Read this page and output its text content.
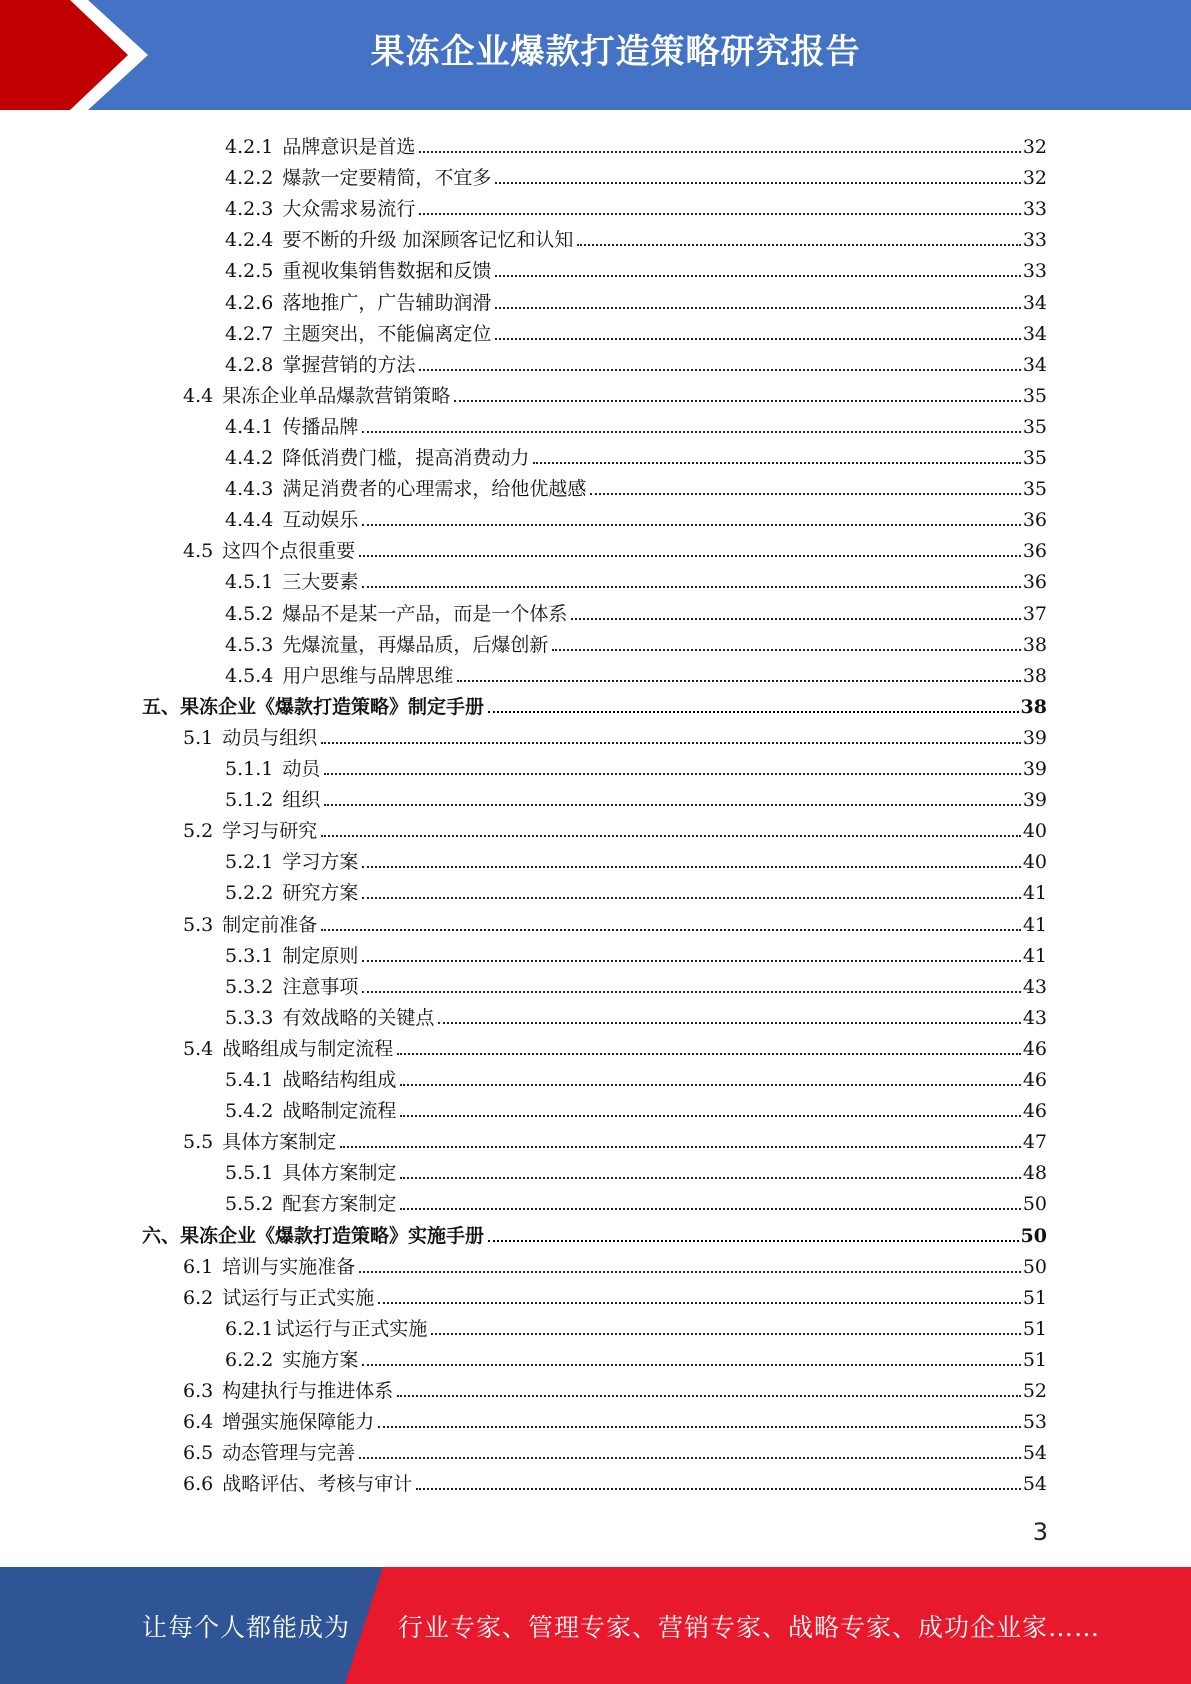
果冻企业爆款打造策略研究报告
4.2.1 品牌意识是首选	32
4.2.2 爆款一定要精简，不宜多	32
4.2.3 大众需求易流行	33
4.2.4 要不断的升级 加深顾客记忆和认知	33
4.2.5 重视收集销售数据和反馈	33
4.2.6 落地推广，广告辅助润滑	34
4.2.7 主题突出，不能偏离定位	34
4.2.8 掌握营销的方法	34
4.4 果冻企业单品爆款营销策略	35
4.4.1 传播品牌	35
4.4.2 降低消费门槛，提高消费动力	35
4.4.3 满足消费者的心理需求，给他优越感	35
4.4.4 互动娱乐	36
4.5 这四个点很重要	36
4.5.1 三大要素	36
4.5.2 爆品不是某一产品，而是一个体系	37
4.5.3 先爆流量，再爆品质，后爆创新	38
4.5.4 用户思维与品牌思维	38
五、 果冻企业《爆款打造策略》制定手册	38
5.1 动员与组织	39
5.1.1 动员	39
5.1.2 组织	39
5.2 学习与研究	40
5.2.1 学习方案	40
5.2.2 研究方案	41
5.3 制定前准备	41
5.3.1 制定原则	41
5.3.2 注意事项	43
5.3.3 有效战略的关键点	43
5.4 战略组成与制定流程	46
5.4.1 战略结构组成	46
5.4.2 战略制定流程	46
5.5 具体方案制定	47
5.5.1 具体方案制定	48
5.5.2 配套方案制定	50
六、 果冻企业《爆款打造策略》实施手册	50
6.1 培训与实施准备	50
6.2 试运行与正式实施	51
6.2.1 试运行与正式实施	51
6.2.2 实施方案	51
6.3 构建执行与推进体系	52
6.4 增强实施保障能力	53
6.5 动态管理与完善	54
6.6 战略评估、考核与审计	54
3
让每个人都能成为 行业专家、管理专家、营销专家、战略专家、成功企业家……
